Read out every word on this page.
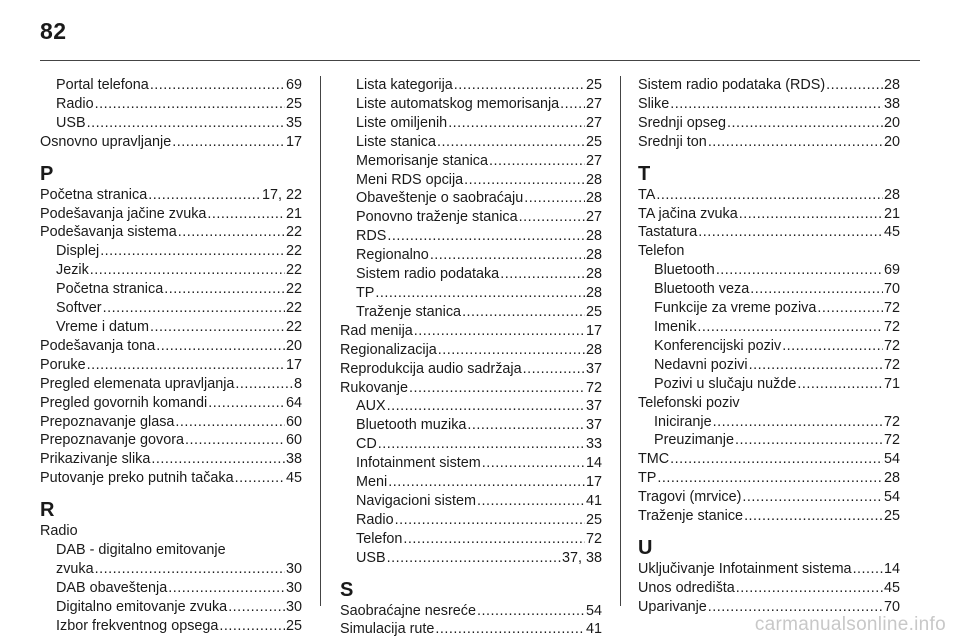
82
Portal telefona .....	69
Radio .....	25
USB .....	35
Osnovno upravljanje .....	17
P
Početna stranica .....	17, 22
Podešavanja jačine zvuka .....	21
Podešavanja sistema .....	22
Displej .....	22
Jezik .....	22
Početna stranica .....	22
Softver .....	22
Vreme i datum .....	22
Podešavanja tona .....	20
Poruke .....	17
Pregled elemenata upravljanja .....	8
Pregled govornih komandi .....	64
Prepoznavanje glasa .....	60
Prepoznavanje govora .....	60
Prikazivanje slika .....	38
Putovanje preko putnih tačaka .....	45
R
Radio
DAB - digitalno emitovanje
zvuka .....	30
DAB obaveštenja .....	30
Digitalno emitovanje zvuka .....	30
Izbor frekventnog opsega .....	25
Lista kategorija .....	25
Liste automatskog memorisanja ..... 27
Liste omiljenih .....	27
Liste stanica .....	25
Memorisanje stanica .....	27
Meni RDS opcija .....	28
Obaveštenje o saobraćaju .....	28
Ponovno traženje stanica .....	27
RDS .....	28
Regionalno .....	28
Sistem radio podataka .....	28
TP .....	28
Traženje stanica .....	25
Rad menija .....	17
Regionalizacija .....	28
Reprodukcija audio sadržaja .....	37
Rukovanje .....	72
AUX .....	37
Bluetooth muzika .....	37
CD .....	33
Infotainment sistem .....	14
Meni .....	17
Navigacioni sistem .....	41
Radio .....	25
Telefon .....	72
USB .....	37, 38
S
Saobraćajne nesreće .....	54
Simulacija rute .....	41
Sistem radio podataka (RDS) .....	28
Slike .....	38
Srednji opseg .....	20
Srednji ton .....	20
T
TA .....	28
TA jačina zvuka .....	21
Tastatura .....	45
Telefon
Bluetooth .....	69
Bluetooth veza .....	70
Funkcije za vreme poziva .....	72
Imenik .....	72
Konferencijski poziv .....	72
Nedavni pozivi .....	72
Pozivi u slučaju nužde .....	71
Telefonski poziv
Iniciranje .....	72
Preuzimanje .....	72
TMC .....	54
TP .....	28
Tragovi (mrvice) .....	54
Traženje stanice .....	25
U
Uključivanje Infotainment sistema ..... 14
Unos odredišta .....	45
Uparivanje .....	70
carmanualsonline.info
